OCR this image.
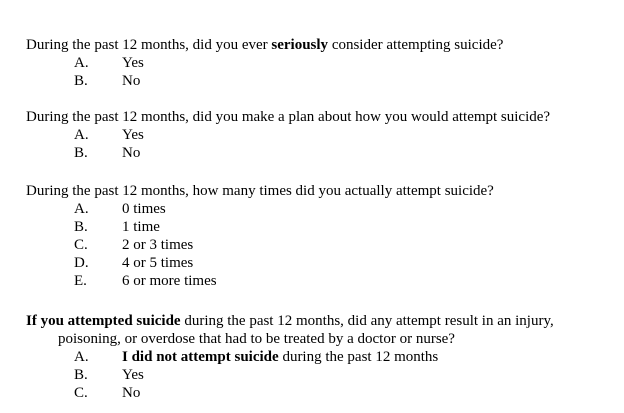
During the past 12 months, did you ever seriously consider attempting suicide?

A. Yes
B. No

During the past 12 months, did you make a plan about how you would attempt suicide?

A. Yes
B. No

During the past 12 months, how many times did you actually attempt suicide?

A. 0 times
B. 1 time
C. 2 or 3 times
D. 4 or 5 times
E. 6 or more times

If you attempted suicide during the past 12 months, did any attempt result in an injury, poisoning, or overdose that had to be treated by a doctor or nurse?

A. I did not attempt suicide during the past 12 months
B. Yes
C. No
